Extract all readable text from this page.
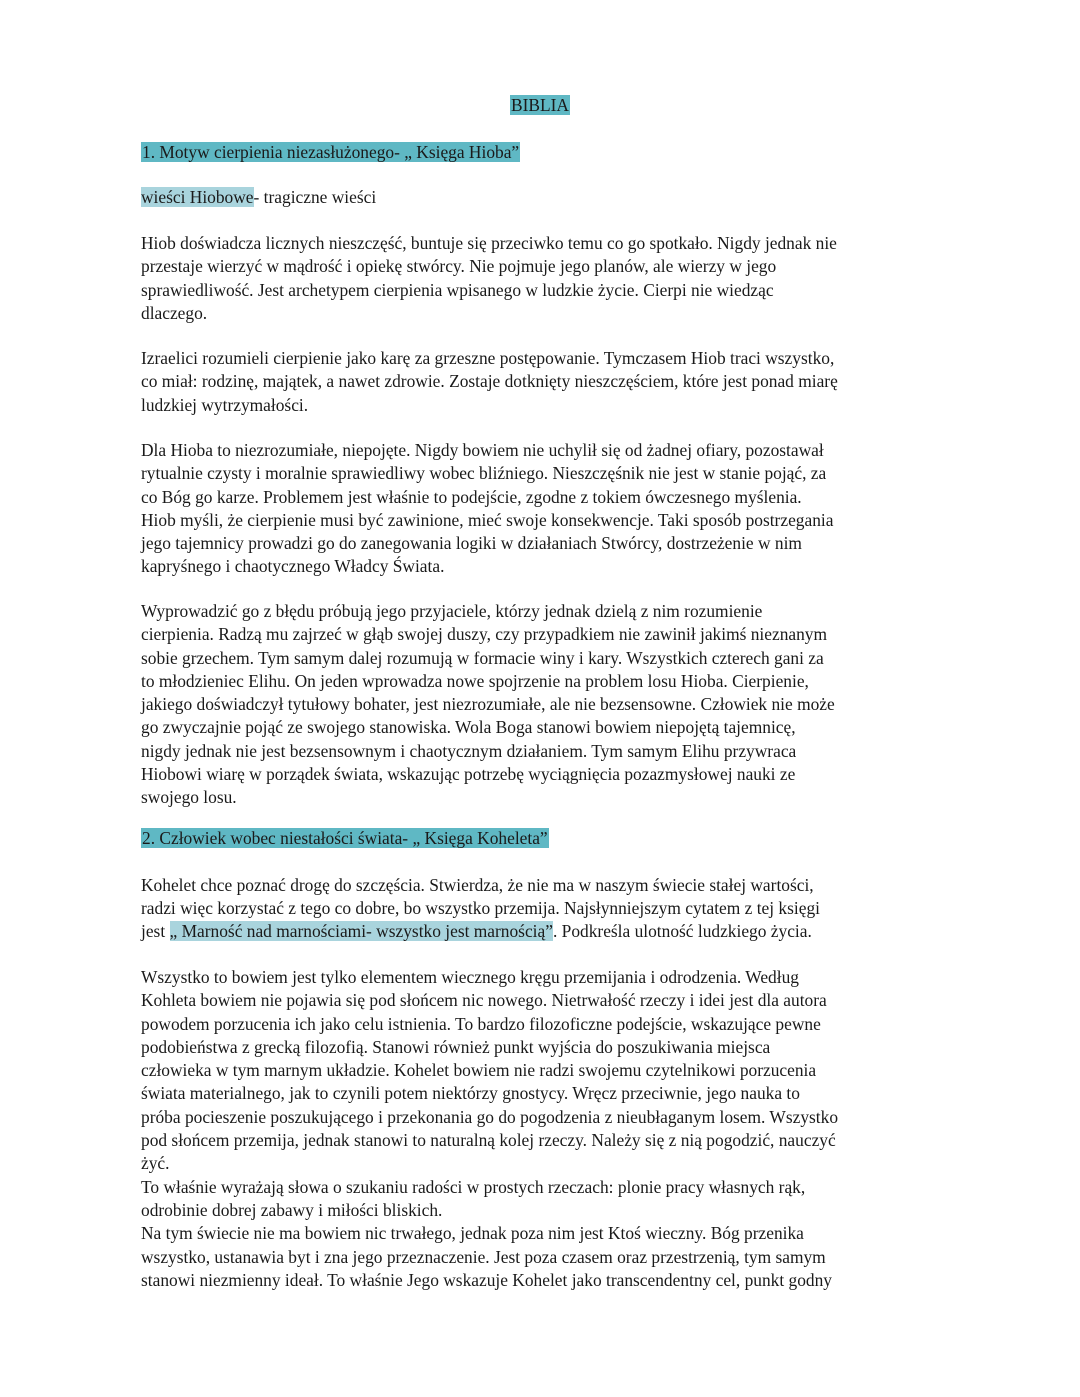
BIBLIA
1. Motyw cierpienia niezasłużonego- „ Księga Hioba”
wieści Hiobowe- tragiczne wieści
Hiob doświadcza licznych nieszczęść, buntuje się przeciwko temu co go spotkało. Nigdy jednak nie
przestaje wierzyć w mądrość i opiekę stwórcy. Nie pojmuje jego planów, ale wierzy w jego
sprawiedliwość. Jest archetypem cierpienia wpisanego w ludzkie życie. Cierpi nie wiedząc
dlaczego.
Izraelici rozumieli cierpienie jako karę za grzeszne postępowanie. Tymczasem Hiob traci wszystko,
co miał: rodzinę, majątek, a nawet zdrowie. Zostaje dotknięty nieszczęściem, które jest ponad miarę
ludzkiej wytrzymałości.
Dla Hioba to niezrozumiałe, niepojęte. Nigdy bowiem nie uchylił się od żadnej ofiary, pozostawał
rytualnie czysty i moralnie sprawiedliwy wobec bliźniego. Nieszczęśnik nie jest w stanie pojąć, za
co Bóg go karze. Problemem jest właśnie to podejście, zgodne z tokiem ówczesnego myślenia.
Hiob myśli, że cierpienie musi być zawinione, mieć swoje konsekwencje. Taki sposób postrzegania
jego tajemnicy prowadzi go do zanegowania logiki w działaniach Stwórcy, dostrzeżenie w nim
kapryśnego i chaotycznego Władcy Świata.
Wyprowadzić go z błędu próbują jego przyjaciele, którzy jednak dzielą z nim rozumienie
cierpienia. Radzą mu zajrzeć w głąb swojej duszy, czy przypadkiem nie zawinił jakimś nieznanym
sobie grzechem. Tym samym dalej rozumują w formacie winy i kary. Wszystkich czterech gani za
to młodzieniec Elihu. On jeden wprowadza nowe spojrzenie na problem losu Hioba. Cierpienie,
jakiego doświadczył tytułowy bohater, jest niezrozumiałe, ale nie bezsensowne. Człowiek nie może
go zwyczajnie pojąć ze swojego stanowiska. Wola Boga stanowi bowiem niepojętą tajemnicę,
nigdy jednak nie jest bezsensownym i chaotycznym działaniem. Tym samym Elihu przywraca
Hiobowi wiarę w porządek świata, wskazując potrzebę wyciągnięcia pozazmysłowej nauki ze
swojego losu.
2. Człowiek wobec niestałości świata- „ Księga Koheleta”
Kohelet chce poznać drogę do szczęścia. Stwierdza, że nie ma w naszym świecie stałej wartości,
radzi więc korzystać z tego co dobre, bo wszystko przemija. Najsłynniejszym cytatem z tej księgi
jest „ Marność nad marnościami- wszystko jest marnością”. Podkreśla ulotność ludzkiego życia.
Wszystko to bowiem jest tylko elementem wiecznego kręgu przemijania i odrodzenia. Według
Kohleta bowiem nie pojawia się pod słońcem nic nowego. Nietrwałość rzeczy i idei jest dla autora
powodem porzucenia ich jako celu istnienia. To bardzo filozoficzne podejście, wskazujące pewne
podobieństwa z grecką filozofią. Stanowi również punkt wyjścia do poszukiwania miejsca
człowieka w tym marnym układzie. Kohelet bowiem nie radzi swojemu czytelnikowi porzucenia
świata materialnego, jak to czynili potem niektórzy gnostycy. Wręcz przeciwnie, jego nauka to
próba pocieszenie poszukującego i przekonania go do pogodzenia z nieubłaganym losem. Wszystko
pod słońcem przemija, jednak stanowi to naturalną kolej rzeczy. Należy się z nią pogodzić, nauczyć
żyć.
To właśnie wyrażają słowa o szukaniu radości w prostych rzeczach: plonie pracy własnych rąk,
odrobinie dobrej zabawy i miłości bliskich.
Na tym świecie nie ma bowiem nic trwałego, jednak poza nim jest Ktoś wieczny. Bóg przenika
wszystko, ustanawia byt i zna jego przeznaczenie. Jest poza czasem oraz przestrzenią, tym samym
stanowi niezmienny ideał. To właśnie Jego wskazuje Kohelet jako transcendentny cel, punkt godny
